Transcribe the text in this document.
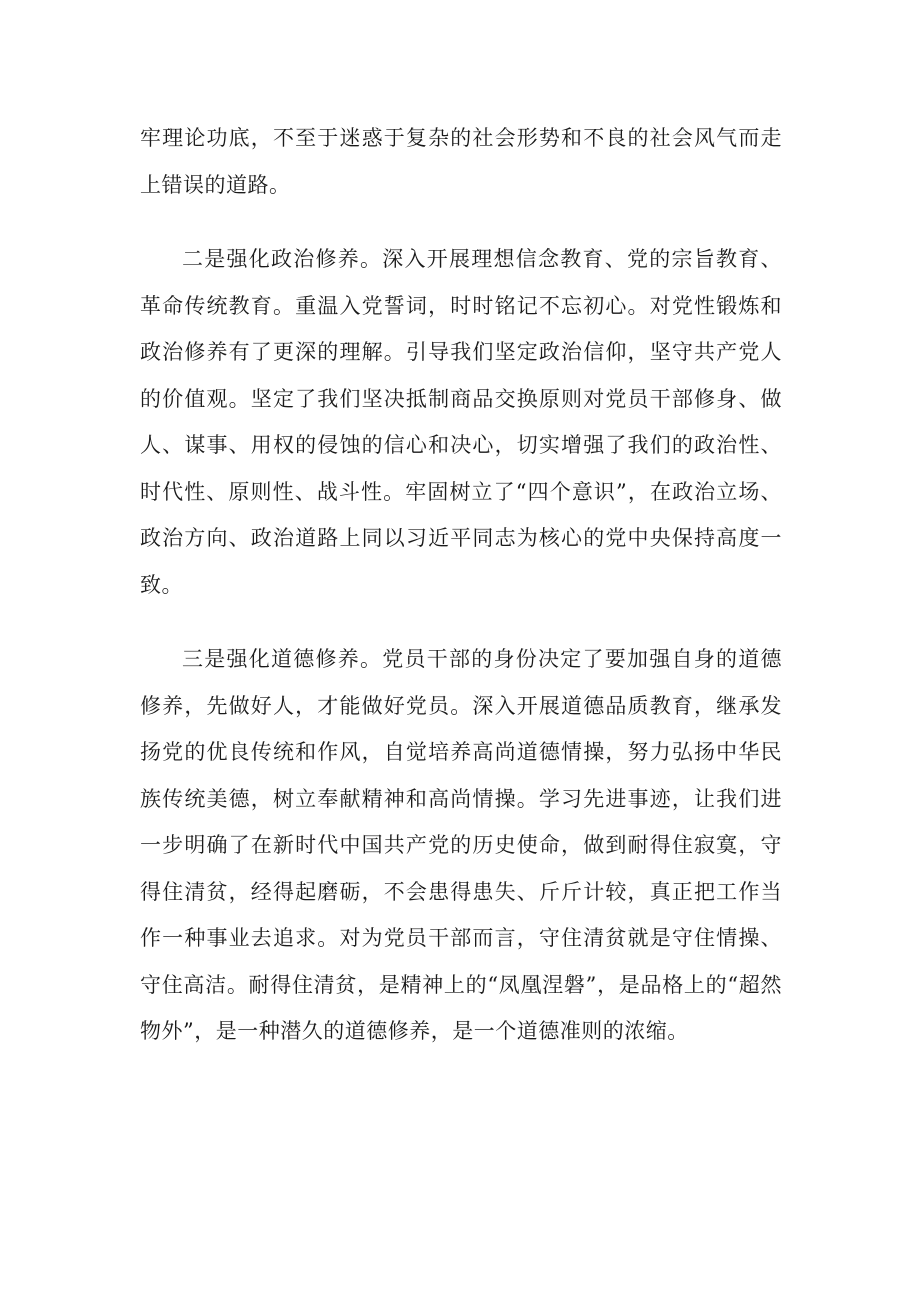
牢理论功底，不至于迷惑于复杂的社会形势和不良的社会风气而走上错误的道路。

二是强化政治修养。深入开展理想信念教育、党的宗旨教育、革命传统教育。重温入党誓词，时时铭记不忘初心。对党性锻炼和政治修养有了更深的理解。引导我们坚定政治信仰，坚守共产党人的价值观。坚定了我们坚决抵制商品交换原则对党员干部修身、做人、谋事、用权的侵蚀的信心和决心，切实增强了我们的政治性、时代性、原则性、战斗性。牢固树立了“四个意识”，在政治立场、政治方向、政治道路上同以习近平同志为核心的党中央保持高度一致。

三是强化道德修养。党员干部的身份决定了要加强自身的道德修养，先做好人，才能做好党员。深入开展道德品质教育，继承发扬党的优良传统和作风，自觉培养高尚道德情操，努力弘扬中华民族传统美德，树立奉献精神和高尚情操。学习先进事迹，让我们进一步明确了在新时代中国共产党的历史使命，做到耐得住寂寞，守得住清贫，经得起磨砺，不会患得患失、斤斤计较，真正把工作当作一种事业去追求。对为党员干部而言，守住清贫就是守住情操、守住高洁。耐得住清贫，是精神上的“凤凰涅磐”，是品格上的“超然物外”，是一种潜久的道德修养，是一个道德准则的浓缩。
